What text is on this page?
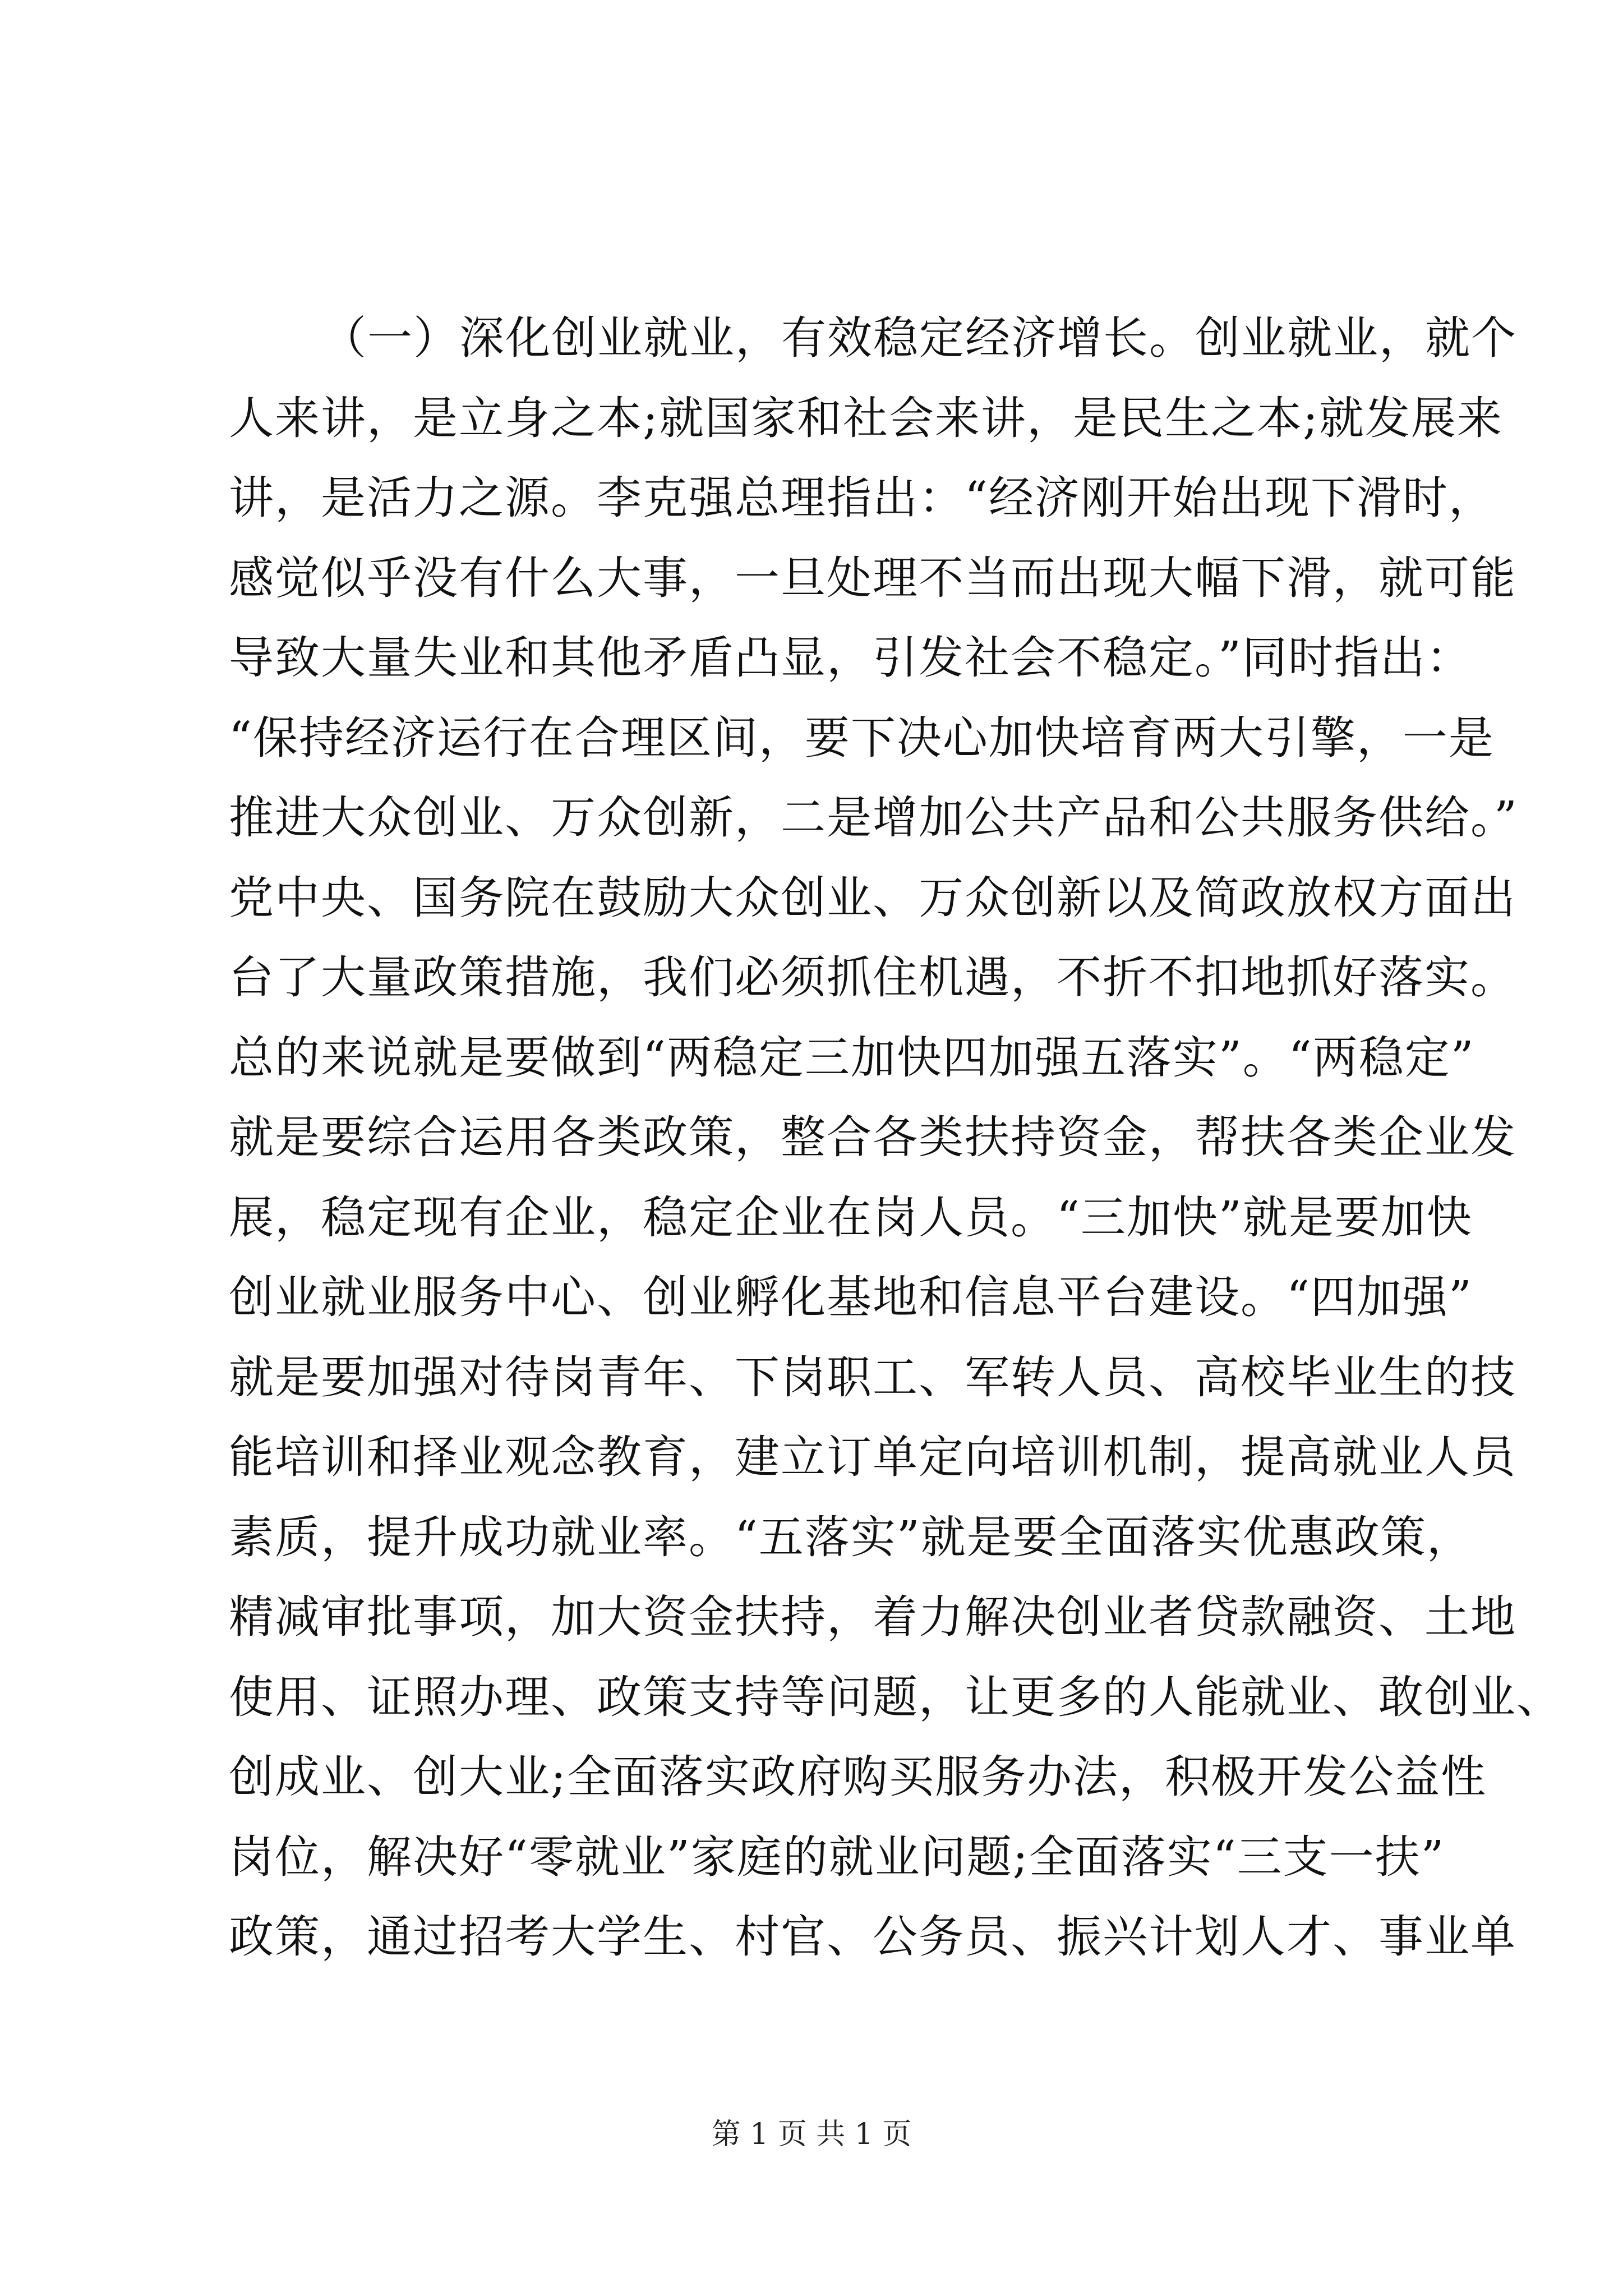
（一）深化创业就业，有效稳定经济增长。创业就业，就个
人来讲，是立身之本;就国家和社会来讲，是民生之本;就发展来
讲，是活力之源。李克强总理指出：“经济刚开始出现下滑时，
感觉似乎没有什么大事，一旦处理不当而出现大幅下滑，就可能
导致大量失业和其他矛盾凸显，引发社会不稳定。”同时指出：
“保持经济运行在合理区间，要下决心加快培育两大引擎，一是
推进大众创业、万众创新，二是增加公共产品和公共服务供给。”
党中央、国务院在鼓励大众创业、万众创新以及简政放权方面出
台了大量政策措施，我们必须抓住机遇，不折不扣地抓好落实。
总的来说就是要做到“两稳定三加快四加强五落实”。“两稳定”
就是要综合运用各类政策，整合各类扶持资金，帮扶各类企业发
展，稳定现有企业，稳定企业在岗人员。“三加快”就是要加快
创业就业服务中心、创业孵化基地和信息平台建设。“四加强”
就是要加强对待岗青年、下岗职工、军转人员、高校毕业生的技
能培训和择业观念教育，建立订单定向培训机制，提高就业人员
素质，提升成功就业率。“五落实”就是要全面落实优惠政策，
精减审批事项，加大资金扶持，着力解决创业者贷款融资、土地
使用、证照办理、政策支持等问题，让更多的人能就业、敢创业、
创成业、创大业;全面落实政府购买服务办法，积极开发公益性
岗位，解决好“零就业”家庭的就业问题;全面落实“三支一扶”
政策，通过招考大学生、村官、公务员、振兴计划人才、事业单
第 1 页 共 1 页
